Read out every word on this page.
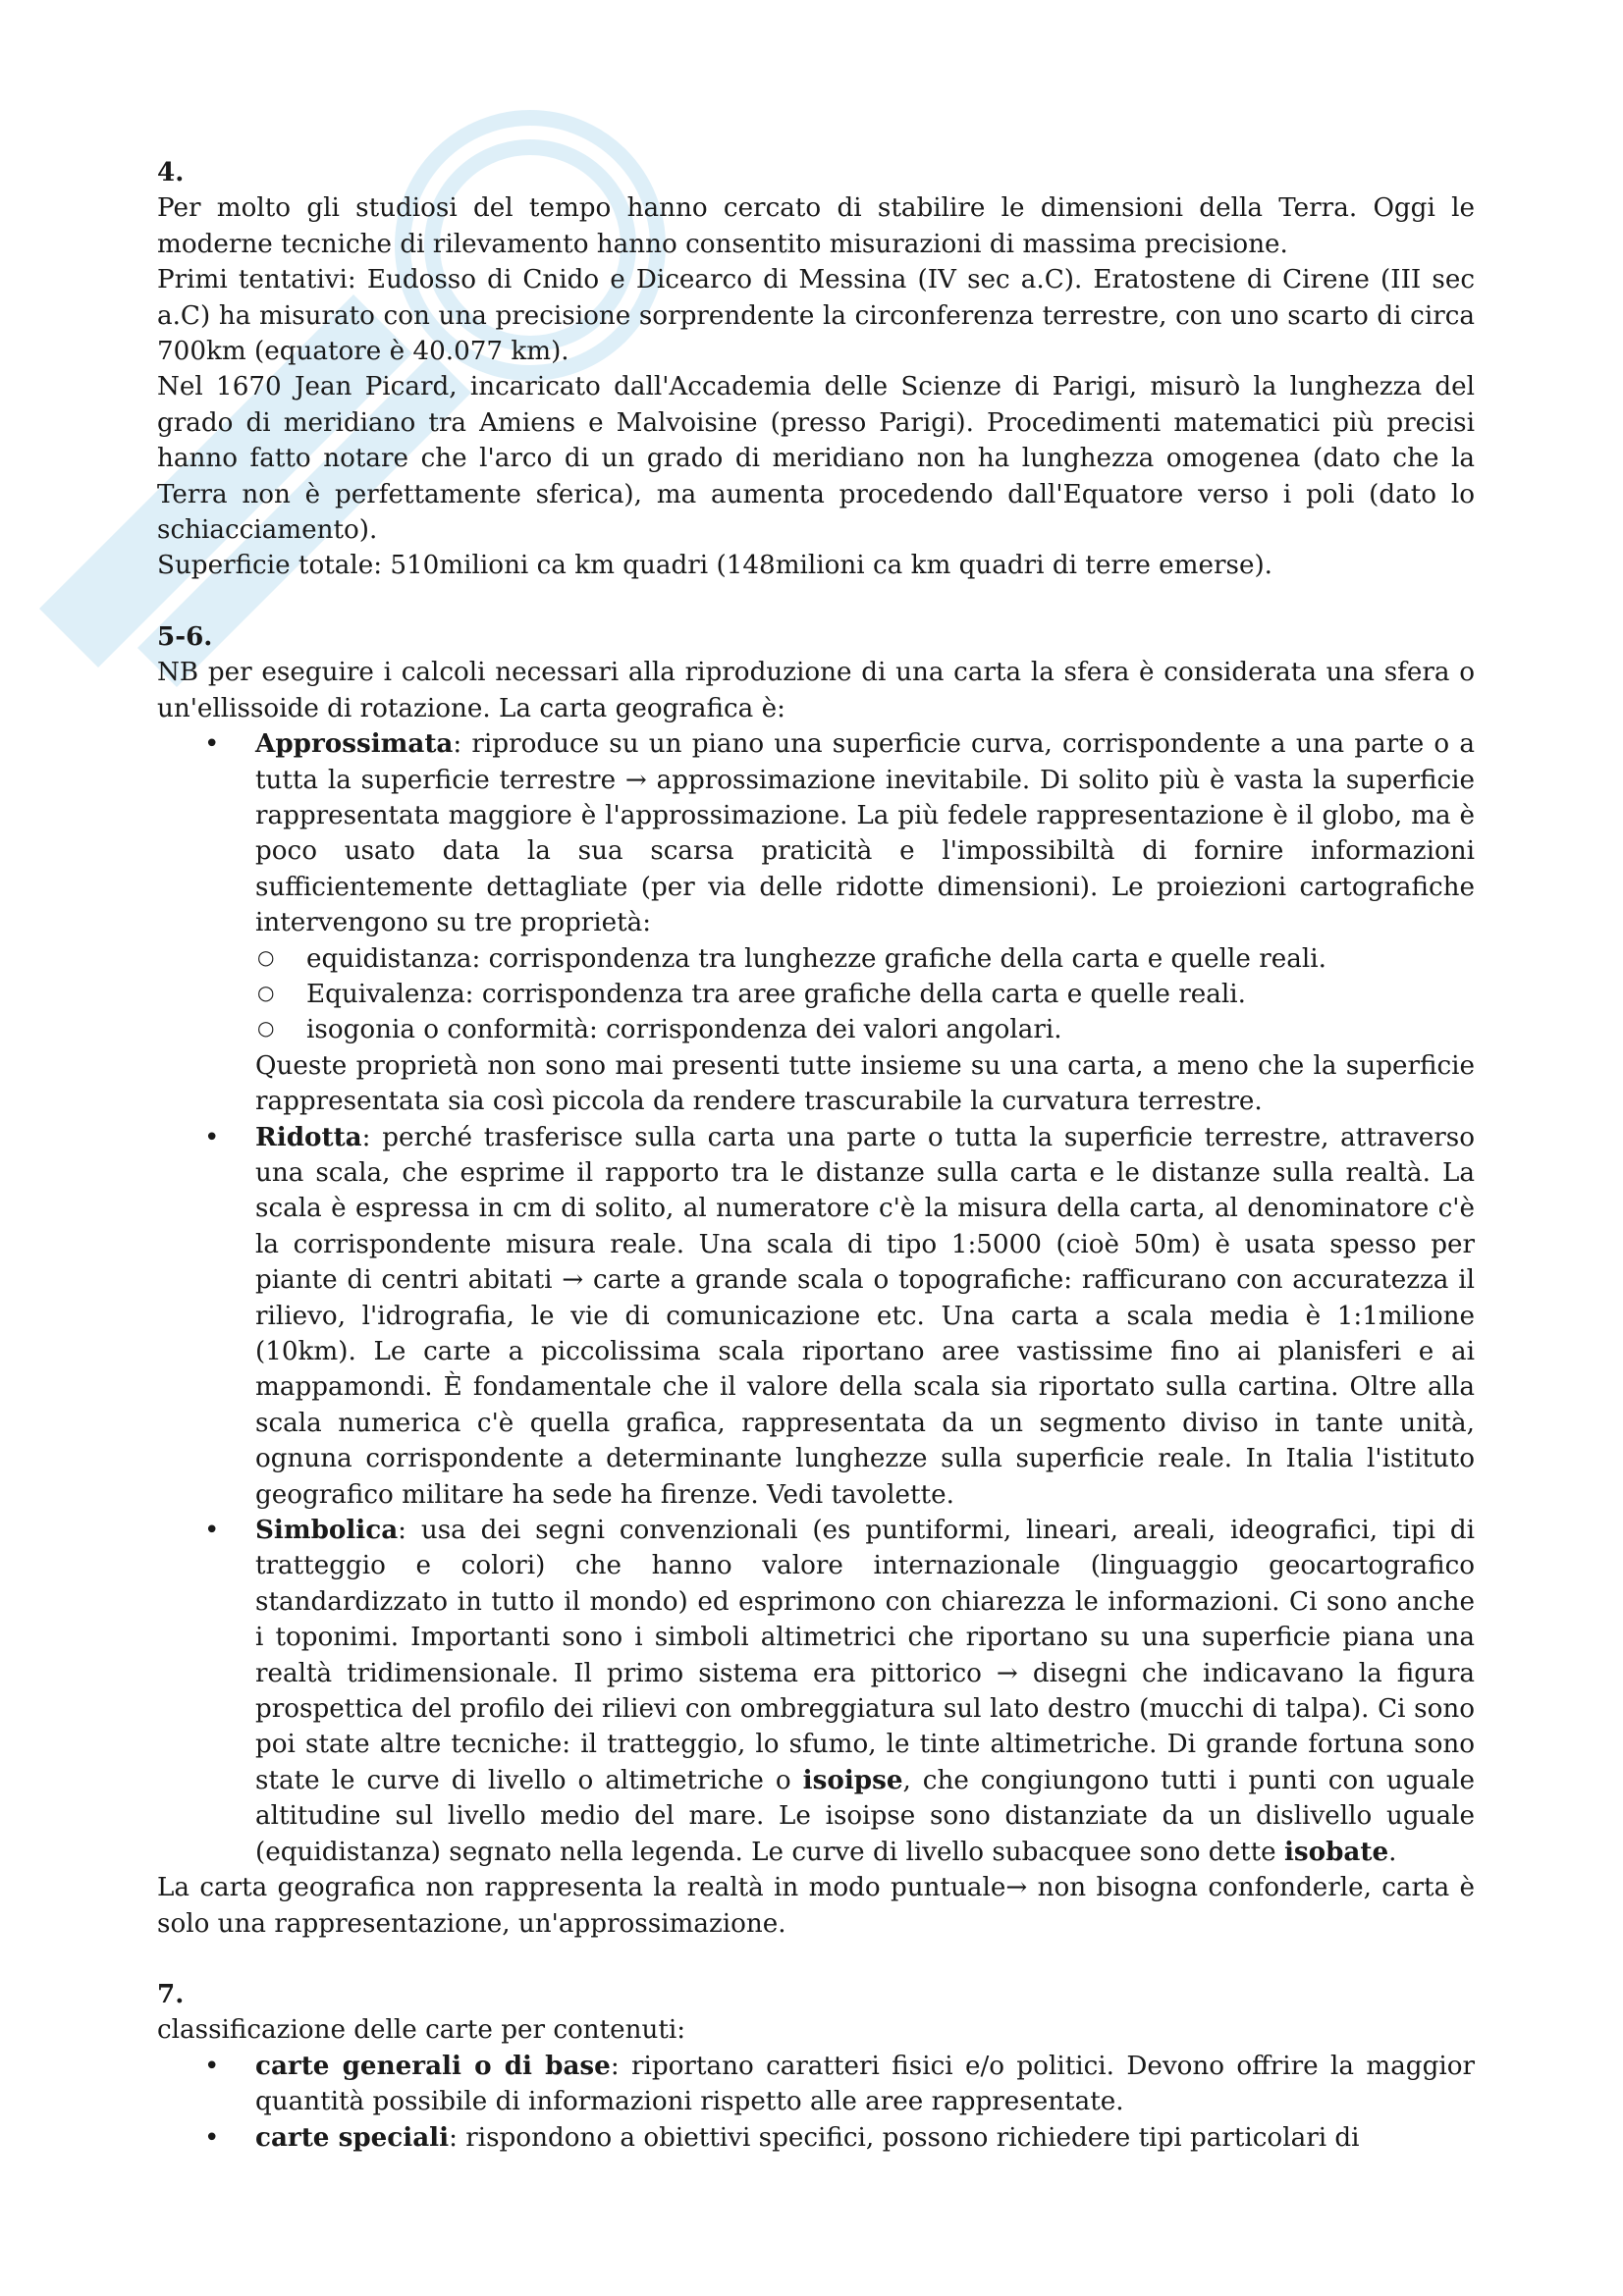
4.

Per molto gli studiosi del tempo hanno cercato di stabilire le dimensioni della Terra. Oggi le moderne tecniche di rilevamento hanno consentito misurazioni di massima precisione.

Primi tentativi: Eudosso di Cnido e Dicearco di Messina (IV sec a.C). Eratostene di Cirene (III sec a.C) ha misurato con una precisione sorprendente la circonferenza terrestre, con uno scarto di circa 700km (equatore è 40.077 km).

Nel 1670 Jean Picard, incaricato dall'Accademia delle Scienze di Parigi, misurò la lunghezza del grado di meridiano tra Amiens e Malvoisine (presso Parigi). Procedimenti matematici più precisi hanno fatto notare che l'arco di un grado di meridiano non ha lunghezza omogenea (dato che la Terra non è perfettamente sferica), ma aumenta procedendo dall'Equatore verso i poli (dato lo schiacciamento).

Superficie totale: 510milioni ca km quadri (148milioni ca km quadri di terre emerse).

5-6.

NB per eseguire i calcoli necessari alla riproduzione di una carta la sfera è considerata una sfera o un'ellissoide di rotazione. La carta geografica è:

• Approssimata: riproduce su un piano una superficie curva, corrispondente a una parte o a tutta la superficie terrestre → approssimazione inevitabile. Di solito più è vasta la superficie rappresentata maggiore è l'approssimazione. La più fedele rappresentazione è il globo, ma è poco usato data la sua scarsa praticità e l'impossibiltà di fornire informazioni sufficientemente dettagliate (per via delle ridotte dimensioni). Le proiezioni cartografiche intervengono su tre proprietà:
○ equidistanza: corrispondenza tra lunghezze grafiche della carta e quelle reali.
○ Equivalenza: corrispondenza tra aree grafiche della carta e quelle reali.
○ isogonia o conformità: corrispondenza dei valori angolari.

Queste proprietà non sono mai presenti tutte insieme su una carta, a meno che la superficie rappresentata sia così piccola da rendere trascurabile la curvatura terrestre.

• Ridotta: perché trasferisce sulla carta una parte o tutta la superficie terrestre, attraverso una scala, che esprime il rapporto tra le distanze sulla carta e le distanze sulla realtà. La scala è espressa in cm di solito, al numeratore c'è la misura della carta, al denominatore c'è la corrispondente misura reale. Una scala di tipo 1:5000 (cioè 50m) è usata spesso per piante di centri abitati → carte a grande scala o topografiche: rafficurano con accuratezza il rilievo, l'idrografia, le vie di comunicazione etc. Una carta a scala media è 1:1milione (10km). Le carte a piccolissima scala riportano aree vastissime fino ai planisferi e ai mappamondi. È fondamentale che il valore della scala sia riportato sulla cartina. Oltre alla scala numerica c'è quella grafica, rappresentata da un segmento diviso in tante unità, ognuna corrispondente a determinante lunghezze sulla superficie reale. In Italia l'istituto geografico militare ha sede ha firenze. Vedi tavolette.
• Simbolica: usa dei segni convenzionali (es puntiformi, lineari, areali, ideografici, tipi di tratteggio e colori) che hanno valore internazionale (linguaggio geocartografico standardizzato in tutto il mondo) ed esprimono con chiarezza le informazioni. Ci sono anche i toponimi. Importanti sono i simboli altimetrici che riportano su una superficie piana una realtà tridimensionale. Il primo sistema era pittorico → disegni che indicavano la figura prospettica del profilo dei rilievi con ombreggiatura sul lato destro (mucchi di talpa). Ci sono poi state altre tecniche: il tratteggio, lo sfumo, le tinte altimetriche. Di grande fortuna sono state le curve di livello o altimetriche o isoipse, che congiungono tutti i punti con uguale altitudine sul livello medio del mare. Le isoipse sono distanziate da un dislivello uguale (equidistanza) segnato nella legenda. Le curve di livello subacquee sono dette isobate.

La carta geografica non rappresenta la realtà in modo puntuale→ non bisogna confonderle, carta è solo una rappresentazione, un'approssimazione.

7.

classificazione delle carte per contenuti:

• carte generali o di base: riportano caratteri fisici e/o politici. Devono offrire la maggior quantità possibile di informazioni rispetto alle aree rappresentate.
• carte speciali: rispondono a obiettivi specifici, possono richiedere tipi particolari di
